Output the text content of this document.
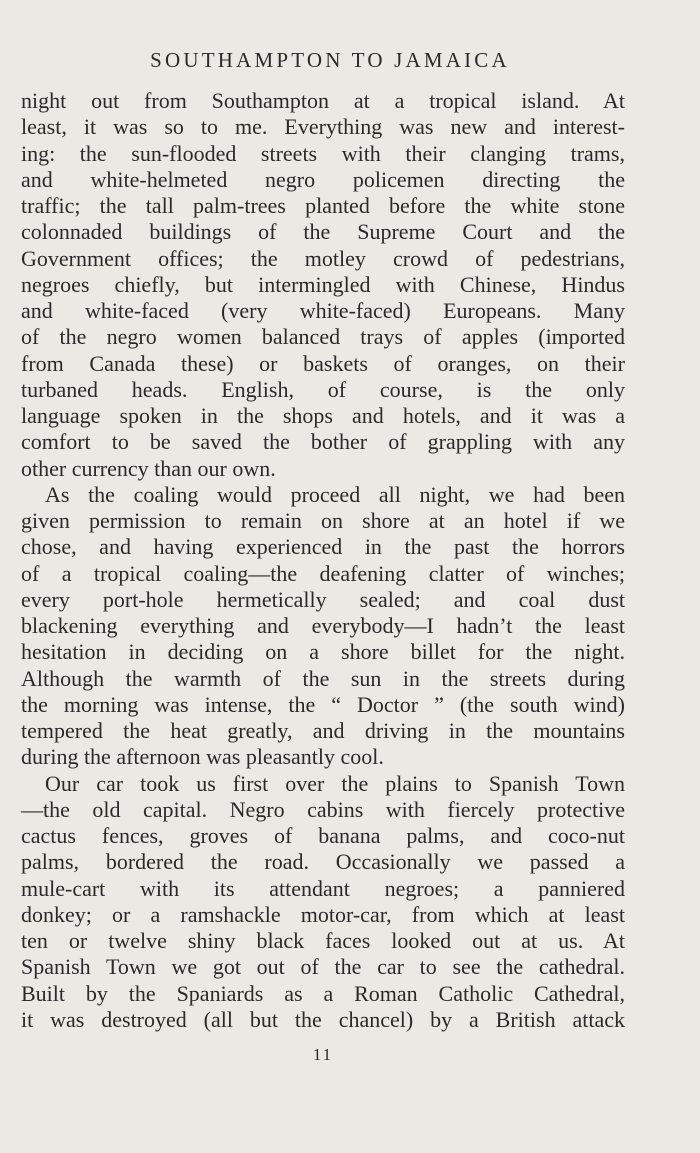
SOUTHAMPTON TO JAMAICA
night out from Southampton at a tropical island. At
least, it was so to me. Everything was new and interest-
ing: the sun-flooded streets with their clanging trams,
and white-helmeted negro policemen directing the
traffic; the tall palm-trees planted before the white stone
colonnaded buildings of the Supreme Court and the
Government offices; the motley crowd of pedestrians,
negroes chiefly, but intermingled with Chinese, Hindus
and white-faced (very white-faced) Europeans. Many
of the negro women balanced trays of apples (imported
from Canada these) or baskets of oranges, on their
turbaned heads. English, of course, is the only
language spoken in the shops and hotels, and it was a
comfort to be saved the bother of grappling with any
other currency than our own.
As the coaling would proceed all night, we had been
given permission to remain on shore at an hotel if we
chose, and having experienced in the past the horrors
of a tropical coaling—the deafening clatter of winches;
every port-hole hermetically sealed; and coal dust
blackening everything and everybody—I hadn’t the least
hesitation in deciding on a shore billet for the night.
Although the warmth of the sun in the streets during
the morning was intense, the “ Doctor ” (the south wind)
tempered the heat greatly, and driving in the mountains
during the afternoon was pleasantly cool.
Our car took us first over the plains to Spanish Town
—the old capital. Negro cabins with fiercely protective
cactus fences, groves of banana palms, and coco-nut
palms, bordered the road. Occasionally we passed a
mule-cart with its attendant negroes; a panniered
donkey; or a ramshackle motor-car, from which at least
ten or twelve shiny black faces looked out at us. At
Spanish Town we got out of the car to see the cathedral.
Built by the Spaniards as a Roman Catholic Cathedral,
it was destroyed (all but the chancel) by a British attack
11
